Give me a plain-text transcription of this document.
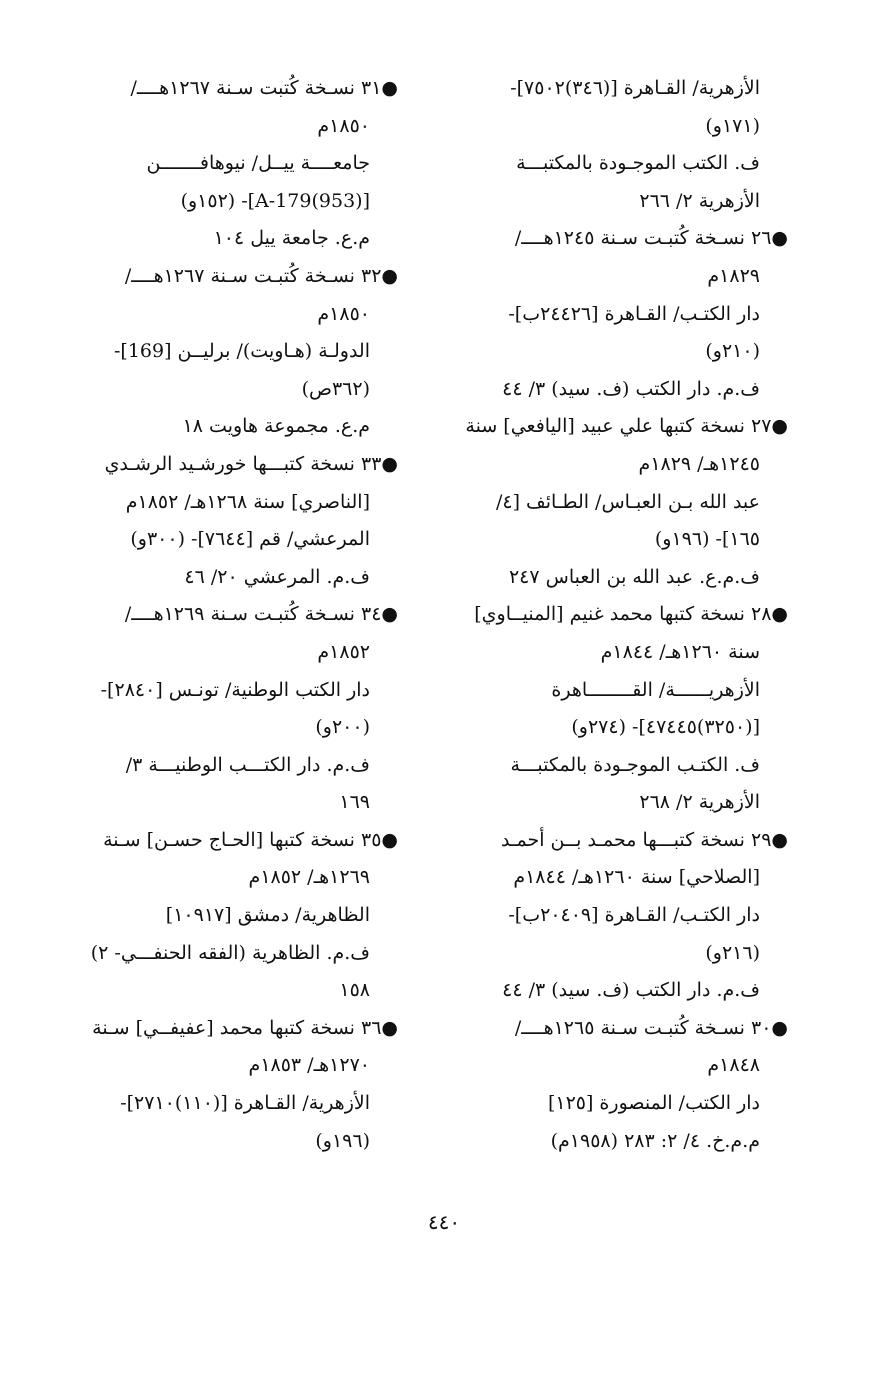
الأزهرية/ القـاهرة [(٣٤٦)٧٥٠٢]-
(١٧١و)
ف. الكتب الموجـودة بالمكتبـــة
الأزهرية ٢/ ٢٦٦
●٢٦ نسـخة كُتبـت سـنة ١٢٤٥هــــ/
١٨٢٩م
دار الكتـب/ القـاهرة [٢٤٤٢٦ب]-
(٢١٠و)
ف.م. دار الكتب (ف. سيد) ٣/ ٤٤
●٢٧ نسخة كتبها علي عبيد [اليافعي] سنة
١٢٤٥هـ/ ١٨٢٩م
عبد الله بـن العبـاس/ الطـائف [٤/
١٦٥]- (١٩٦و)
ف.م.ع. عبد الله بن العباس ٢٤٧
●٢٨ نسخة كتبها محمد غنيم [المنيــاوي]
سنة ١٢٦٠هـ/ ١٨٤٤م
الأزهريــــــة/ القــــــــاهرة
[(٣٢٥٠)٤٧٤٤٥]- (٢٧٤و)
ف. الكتـب الموجـودة بالمكتبـــة
الأزهرية ٢/ ٢٦٨
●٢٩ نسخة كتبـــها محمـد بــن أحمـد
[الصلاحي] سنة ١٢٦٠هـ/ ١٨٤٤م
دار الكتـب/ القـاهرة [٢٠٤٠٩ب]-
(٢١٦و)
ف.م. دار الكتب (ف. سيد) ٣/ ٤٤
●٣٠ نسـخة كُتبـت سـنة ١٢٦٥هــــ/
١٨٤٨م
دار الكتب/ المنصورة [١٢٥]
م.م.خ. ٤/ ٢: ٢٨٣ (١٩٥٨م)
●٣١ نسـخة كُتبت سـنة ١٢٦٧هــــ/
١٨٥٠م
جامعــــة ييــل/ نيوهافـــــــن
[A-179(953)]- (١٥٢و)
م.ع. جامعة ييل ١٠٤
●٣٢ نسـخة كُتبـت سـنة ١٢٦٧هــــ/
١٨٥٠م
الدولـة (هـاويت)/ برليــن [169]-
(٣٦٢ص)
م.ع. مجموعة هاويت ١٨
●٣٣ نسخة كتبـــها خورشـيد الرشـدي
[الناصري] سنة ١٢٦٨هـ/ ١٨٥٢م
المرعشي/ قم [٧٦٤٤]- (٣٠٠و)
ف.م. المرعشي ٢٠/ ٤٦
●٣٤ نسـخة كُتبـت سـنة ١٢٦٩هــــ/
١٨٥٢م
دار الكتب الوطنية/ تونـس [٢٨٤٠]-
(٢٠٠و)
ف.م. دار الكتـــب الوطنيـــة ٣/
١٦٩
●٣٥ نسخة كتبها [الحـاج حسـن] سـنة
١٢٦٩هـ/ ١٨٥٢م
الظاهرية/ دمشق [١٠٩١٧]
ف.م. الظاهرية (الفقه الحنفـــي- ٢)
١٥٨
●٣٦ نسخة كتبها محمد [عفيفــي] سـنة
١٢٧٠هـ/ ١٨٥٣م
الأزهرية/ القـاهرة [(١١٠)٢٧١٠]-
(١٩٦و)
٤٤٠
